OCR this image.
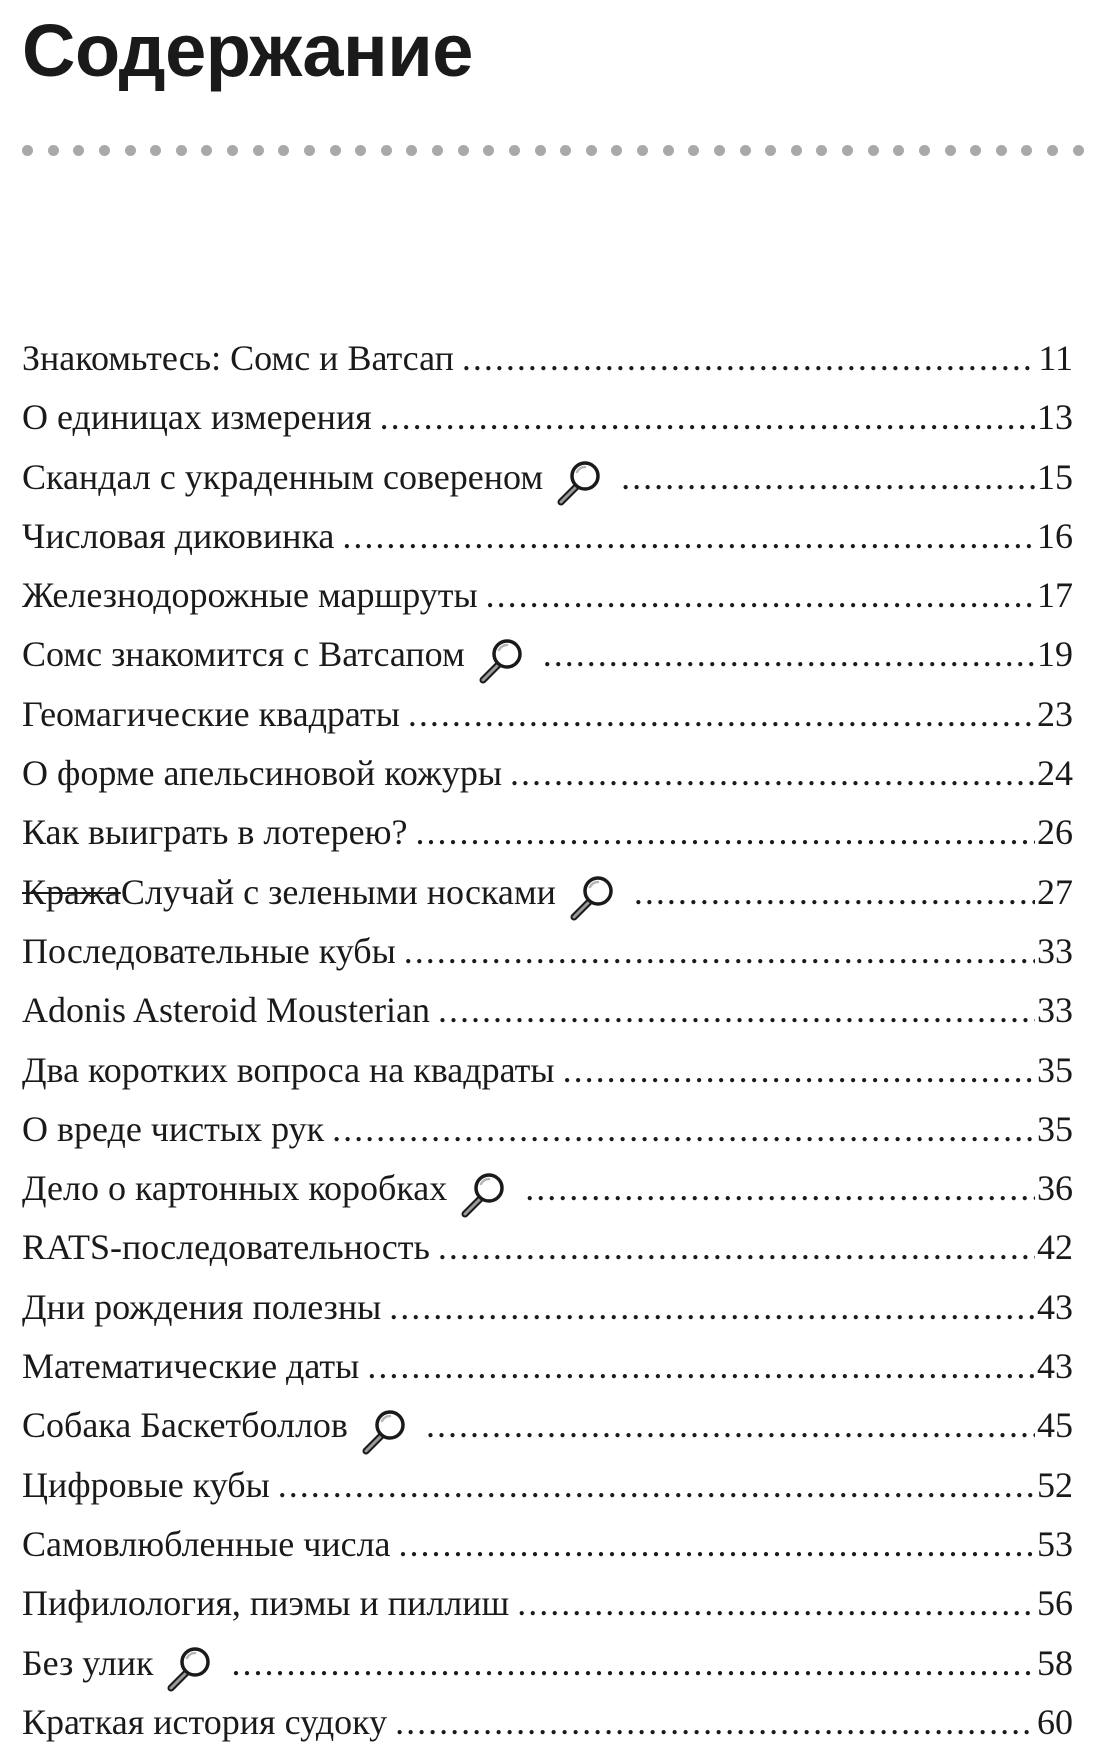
Содержание
Знакомьтесь: Сомс и Ватсап .....	11
О единицах измерения .....	13
Скандал с украденным совереном .....	15
Числовая диковинка .....	16
Железнодорожные маршруты .....	17
Сомс знакомится с Ватсапом .....	19
Геомагические квадраты .....	23
О форме апельсиновой кожуры .....	24
Как выиграть в лотерею? .....	26
КражаСлучай с зелеными носками .....	27
Последовательные кубы .....	33
Adonis Asteroid Mousterian .....	33
Два коротких вопроса на квадраты .....	35
О вреде чистых рук .....	35
Дело о картонных коробках .....	36
RATS-последовательность .....	42
Дни рождения полезны .....	43
Математические даты .....	43
Собака Баскетболлов .....	45
Цифровые кубы .....	52
Самовлюбленные числа .....	53
Пифилология, пиэмы и пиллиш .....	56
Без улик .....	58
Краткая история судоку .....	60
